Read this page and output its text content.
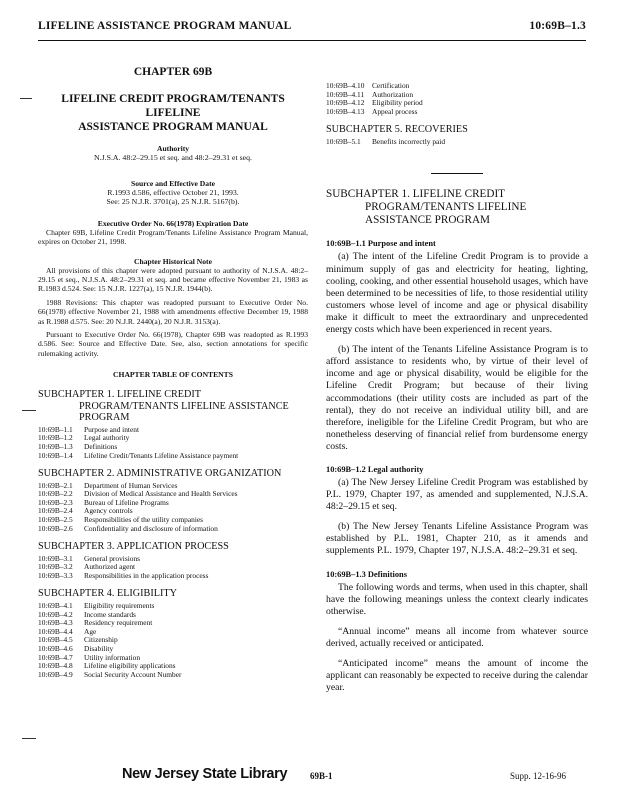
LIFELINE ASSISTANCE PROGRAM MANUAL	10:69B–1.3
CHAPTER 69B
LIFELINE CREDIT PROGRAM/TENANTS LIFELINE
ASSISTANCE PROGRAM MANUAL
Authority
N.J.S.A. 48:2–29.15 et seq. and 48:2–29.31 et seq.
Source and Effective Date
R.1993 d.586, effective October 21, 1993.
See: 25 N.J.R. 3701(a), 25 N.J.R. 5167(b).
Executive Order No. 66(1978) Expiration Date

Chapter 69B, Lifeline Credit Program/Tenants Lifeline Assistance Program Manual, expires on October 21, 1998.

Chapter Historical Note

All provisions of this chapter were adopted pursuant to authority of N.J.S.A. 48:2–29.15 et seq., N.J.S.A. 48:2–29.31 et seq. and became effective November 21, 1983 as R.1983 d.524. See: 15 N.J.R. 1227(a), 15 N.J.R. 1944(b).

1988 Revisions: This chapter was readopted pursuant to Executive Order No. 66(1978) effective November 21, 1988 with amendments effective December 19, 1988 as R.1988 d.575. See: 20 N.J.R. 2440(a), 20 N.J.R. 3153(a).

Pursuant to Executive Order No. 66(1978), Chapter 69B was readopted as R.1993 d.586. See: Source and Effective Date. See, also, section annotations for specific rulemaking activity.

CHAPTER TABLE OF CONTENTS
SUBCHAPTER 1. LIFELINE CREDIT
PROGRAM/TENANTS LIFELINE ASSISTANCE
PROGRAM
10:69B–1.1	Purpose and intent
10:69B–1.2	Legal authority
10:69B–1.3	Definitions
10:69B–1.4	Lifeline Credit/Tenants Lifeline Assistance payment
SUBCHAPTER 2. ADMINISTRATIVE ORGANIZATION
10:69B–2.1	Department of Human Services
10:69B–2.2	Division of Medical Assistance and Health Services
10:69B–2.3	Bureau of Lifeline Programs
10:69B–2.4	Agency controls
10:69B–2.5	Responsibilities of the utility companies
10:69B–2.6	Confidentiality and disclosure of information
SUBCHAPTER 3. APPLICATION PROCESS
10:69B–3.1	General provisions
10:69B–3.2	Authorized agent
10:69B–3.3	Responsibilities in the application process
SUBCHAPTER 4. ELIGIBILITY
10:69B–4.1	Eligibility requirements
10:69B–4.2	Income standards
10:69B–4.3	Residency requirement
10:69B–4.4	Age
10:69B–4.5	Citizenship
10:69B–4.6	Disability
10:69B–4.7	Utility information
10:69B–4.8	Lifeline eligibility applications
10:69B–4.9	Social Security Account Number
10:69B–4.10	Certification
10:69B–4.11	Authorization
10:69B–4.12	Eligibility period
10:69B–4.13	Appeal process
SUBCHAPTER 5. RECOVERIES
10:69B–5.1	Benefits incorrectly paid
SUBCHAPTER 1. LIFELINE CREDIT
PROGRAM/TENANTS LIFELINE
ASSISTANCE PROGRAM
10:69B–1.1 Purpose and intent

(a) The intent of the Lifeline Credit Program is to provide a minimum supply of gas and electricity for heating, lighting, cooling, cooking, and other essential household usages, which have been determined to be necessities of life, to those residential utility customers whose level of income and age or physical disability make it difficult to meet the extraordinary and unprecedented energy costs which have been experienced in recent years.

(b) The intent of the Tenants Lifeline Assistance Program is to afford assistance to residents who, by virtue of their level of income and age or physical disability, would be eligible for the Lifeline Credit Program; but because of their living accommodations (their utility costs are included as part of the rental), they do not receive an individual utility bill, and are therefore, ineligible for the Lifeline Credit Program, but who are nonetheless deserving of financial relief from burdensome energy costs.

10:69B–1.2 Legal authority

(a) The New Jersey Lifeline Credit Program was established by P.L. 1979, Chapter 197, as amended and supplemented, N.J.S.A. 48:2–29.15 et seq.

(b) The New Jersey Tenants Lifeline Assistance Program was established by P.L. 1981, Chapter 210, as it amends and supplements P.L. 1979, Chapter 197, N.J.S.A. 48:2–29.31 et seq.

10:69B–1.3 Definitions

The following words and terms, when used in this chapter, shall have the following meanings unless the context clearly indicates otherwise.

“Annual income” means all income from whatever source derived, actually received or anticipated.

“Anticipated income” means the amount of income the applicant can reasonably be expected to receive during the calendar year.

New Jersey State Library	69B-1	Supp. 12-16-96
